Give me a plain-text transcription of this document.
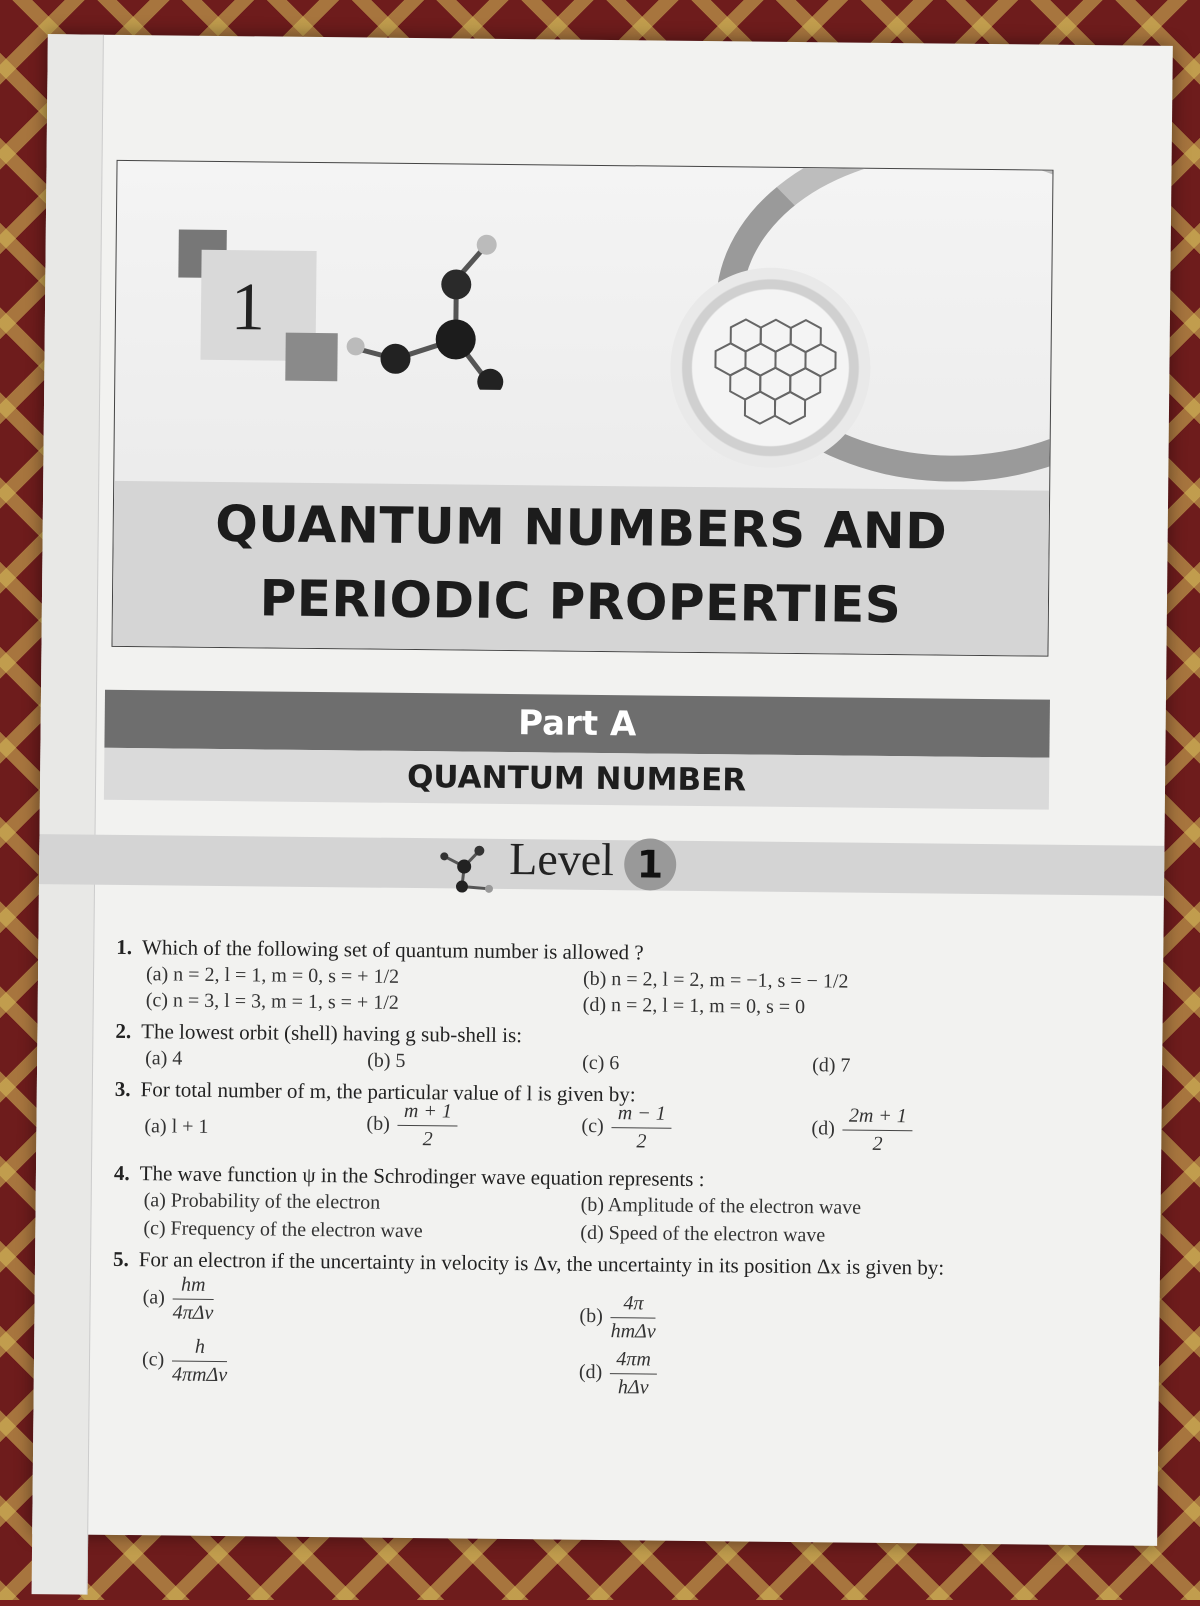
1
QUANTUM NUMBERS AND
PERIODIC PROPERTIES
Part A
QUANTUM NUMBER
Level 1
1. Which of the following set of quantum number is allowed ?
(a) n = 2, l = 1, m = 0, s = + 1/2	(b) n = 2, l = 2, m = −1, s = − 1/2
(c) n = 3, l = 3, m = 1, s = + 1/2	(d) n = 2, l = 1, m = 0, s = 0
2. The lowest orbit (shell) having g sub-shell is:
(a) 4	(b) 5	(c) 6	(d) 7
3. For total number of m, the particular value of l is given by:
(a) l + 1	$(b) \frac{m + 1}{2}$	$(c) \frac{m - 1}{2}$	$(d) \frac{2m + 1}{2}$
4. The wave function ψ in the Schrodinger wave equation represents :
(a) Probability of the electron	(b) Amplitude of the electron wave
(c) Frequency of the electron wave	(d) Speed of the electron wave
5. For an electron if the uncertainty in velocity is Δv, the uncertainty in its position Δx is given by:
$(a) \frac{hm}{\text{4πΔv}}$	$(b) \frac{4\pi}{\text{hmΔv}}$
$(c) \frac{h}{\text{4πmΔv}}$	$(d) \frac{4\pi m}{\text{hΔv}}$
